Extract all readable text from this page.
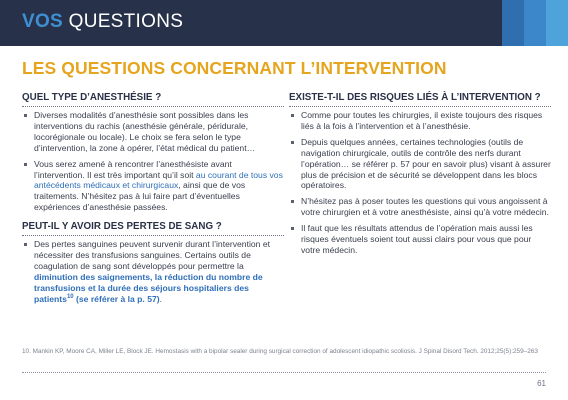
VOS QUESTIONS
LES QUESTIONS CONCERNANT L’INTERVENTION
QUEL TYPE D’ANESTHÉSIE ?
Diverses modalités d’anesthésie sont possibles dans les interventions du rachis (anesthésie générale, péridurale, locorégionale ou locale). Le choix se fera selon le type d’intervention, la zone à opérer, l’état médical du patient…
Vous serez amené à rencontrer l’anesthésiste avant l’intervention. Il est très important qu’il soit au courant de tous vos antécédents médicaux et chirurgicaux, ainsi que de vos traitements. N’hésitez pas à lui faire part d’éventuelles expériences d’anesthésie passées.
PEUT-IL Y AVOIR DES PERTES DE SANG ?
Des pertes sanguines peuvent survenir durant l’intervention et nécessiter des transfusions sanguines. Certains outils de coagulation de sang sont développés pour permettre la diminution des saignements, la réduction du nombre de transfusions et la durée des séjours hospitaliers des patients$^{10}$ (se référer à la p. 57).
EXISTE-T-IL DES RISQUES LIÉS À L’INTERVENTION ?
Comme pour toutes les chirurgies, il existe toujours des risques liés à la fois à l’intervention et à l’anesthésie.
Depuis quelques années, certaines technologies (outils de navigation chirurgicale, outils de contrôle des nerfs durant l’opération… se référer p. 57 pour en savoir plus) visant à assurer plus de précision et de sécurité se développent dans les blocs opératoires.
N’hésitez pas à poser toutes les questions qui vous angoissent à votre chirurgien et à votre anesthésiste, ainsi qu’à votre médecin.
Il faut que les résultats attendus de l’opération mais aussi les risques éventuels soient tout aussi clairs pour vous que pour votre médecin.
10. Mankin KP, Moore CA, Miller LE, Block JE. Hemostasis with a bipolar sealer during surgical correction of adolescent idiopathic scoliosis. J Spinal Disord Tech. 2012;25(5):259–263
61
